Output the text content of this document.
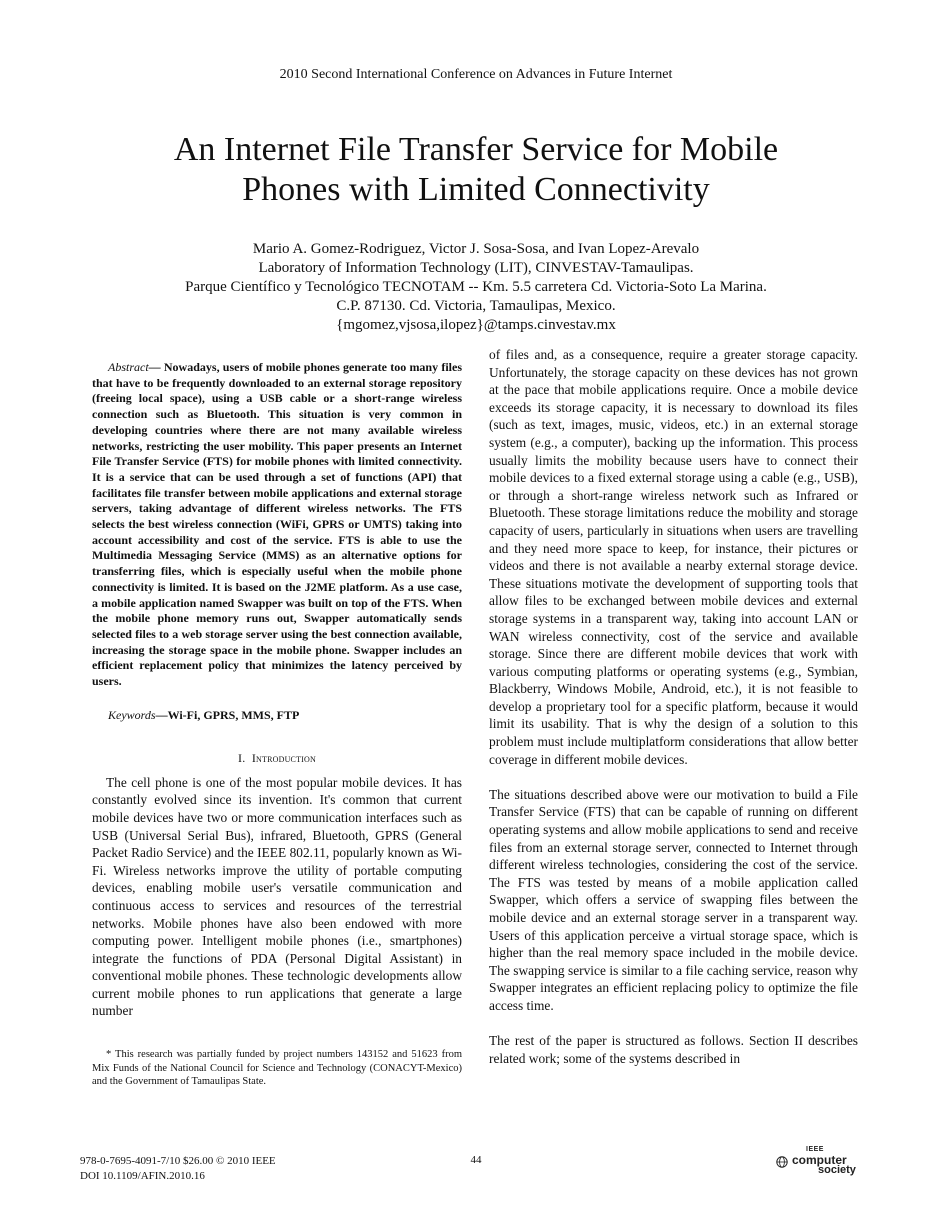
2010 Second International Conference on Advances in Future Internet
An Internet File Transfer Service for Mobile
Phones with Limited Connectivity
Mario A. Gomez-Rodriguez, Victor J. Sosa-Sosa, and Ivan Lopez-Arevalo
Laboratory of Information Technology (LIT), CINVESTAV-Tamaulipas.
Parque Científico y Tecnológico TECNOTAM -- Km. 5.5 carretera Cd. Victoria-Soto La Marina.
C.P. 87130. Cd. Victoria, Tamaulipas, Mexico.
{mgomez,vjsosa,ilopez}@tamps.cinvestav.mx

Abstract— Nowadays, users of mobile phones generate too many files that have to be frequently downloaded to an external storage repository (freeing local space), using a USB cable or a short-range wireless connection such as Bluetooth. This situation is very common in developing countries where there are not many available wireless networks, restricting the user mobility. This paper presents an Internet File Transfer Service (FTS) for mobile phones with limited connectivity. It is a service that can be used through a set of functions (API) that facilitates file transfer between mobile applications and external storage servers, taking advantage of different wireless networks. The FTS selects the best wireless connection (WiFi, GPRS or UMTS) taking into account accessibility and cost of the service. FTS is able to use the Multimedia Messaging Service (MMS) as an alternative options for transferring files, which is especially useful when the mobile phone connectivity is limited. It is based on the J2ME platform. As a use case, a mobile application named Swapper was built on top of the FTS. When the mobile phone memory runs out, Swapper automatically sends selected files to a web storage server using the best connection available, increasing the storage space in the mobile phone. Swapper includes an efficient replacement policy that minimizes the latency perceived by users.

Keywords—Wi-Fi, GPRS, MMS, FTP

I. Introduction

The cell phone is one of the most popular mobile devices. It has constantly evolved since its invention. It's common that current mobile devices have two or more communication interfaces such as USB (Universal Serial Bus), infrared, Bluetooth, GPRS (General Packet Radio Service) and the IEEE 802.11, popularly known as Wi-Fi. Wireless networks improve the utility of portable computing devices, enabling mobile user's versatile communication and continuous access to services and resources of the terrestrial networks. Mobile phones have also been endowed with more computing power. Intelligent mobile phones (i.e., smartphones) integrate the functions of PDA (Personal Digital Assistant) in conventional mobile phones. These technologic developments allow current mobile phones to run applications that generate a large number

* This research was partially funded by project numbers 143152 and 51623 from Mix Funds of the National Council for Science and Technology (CONACYT-Mexico) and the Government of Tamaulipas State.

of files and, as a consequence, require a greater storage capacity. Unfortunately, the storage capacity on these devices has not grown at the pace that mobile applications require. Once a mobile device exceeds its storage capacity, it is necessary to download its files (such as text, images, music, videos, etc.) in an external storage system (e.g., a computer), backing up the information. This process usually limits the mobility because users have to connect their mobile devices to a fixed external storage using a cable (e.g., USB), or through a short-range wireless network such as Infrared or Bluetooth. These storage limitations reduce the mobility and storage capacity of users, particularly in situations when users are travelling and they need more space to keep, for instance, their pictures or videos and there is not available a nearby external storage device. These situations motivate the development of supporting tools that allow files to be exchanged between mobile devices and external storage systems in a transparent way, taking into account LAN or WAN wireless connectivity, cost of the service and available storage. Since there are different mobile devices that work with various computing platforms or operating systems (e.g., Symbian, Blackberry, Windows Mobile, Android, etc.), it is not feasible to develop a proprietary tool for a specific platform, because it would limit its usability. That is why the design of a solution to this problem must include multiplatform considerations that allow better coverage in different mobile devices.

The situations described above were our motivation to build a File Transfer Service (FTS) that can be capable of running on different operating systems and allow mobile applications to send and receive files from an external storage server, connected to Internet through different wireless technologies, considering the cost of the service. The FTS was tested by means of a mobile application called Swapper, which offers a service of swapping files between the mobile device and an external storage server in a transparent way. Users of this application perceive a virtual storage space, which is higher than the real memory space included in the mobile device. The swapping service is similar to a file caching service, reason why Swapper integrates an efficient replacing policy to optimize the file access time.

The rest of the paper is structured as follows. Section II describes related work; some of the systems described in

978-0-7695-4091-7/10 $26.00 © 2010 IEEE
DOI 10.1109/AFIN.2010.16
44
IEEE
computer
society
